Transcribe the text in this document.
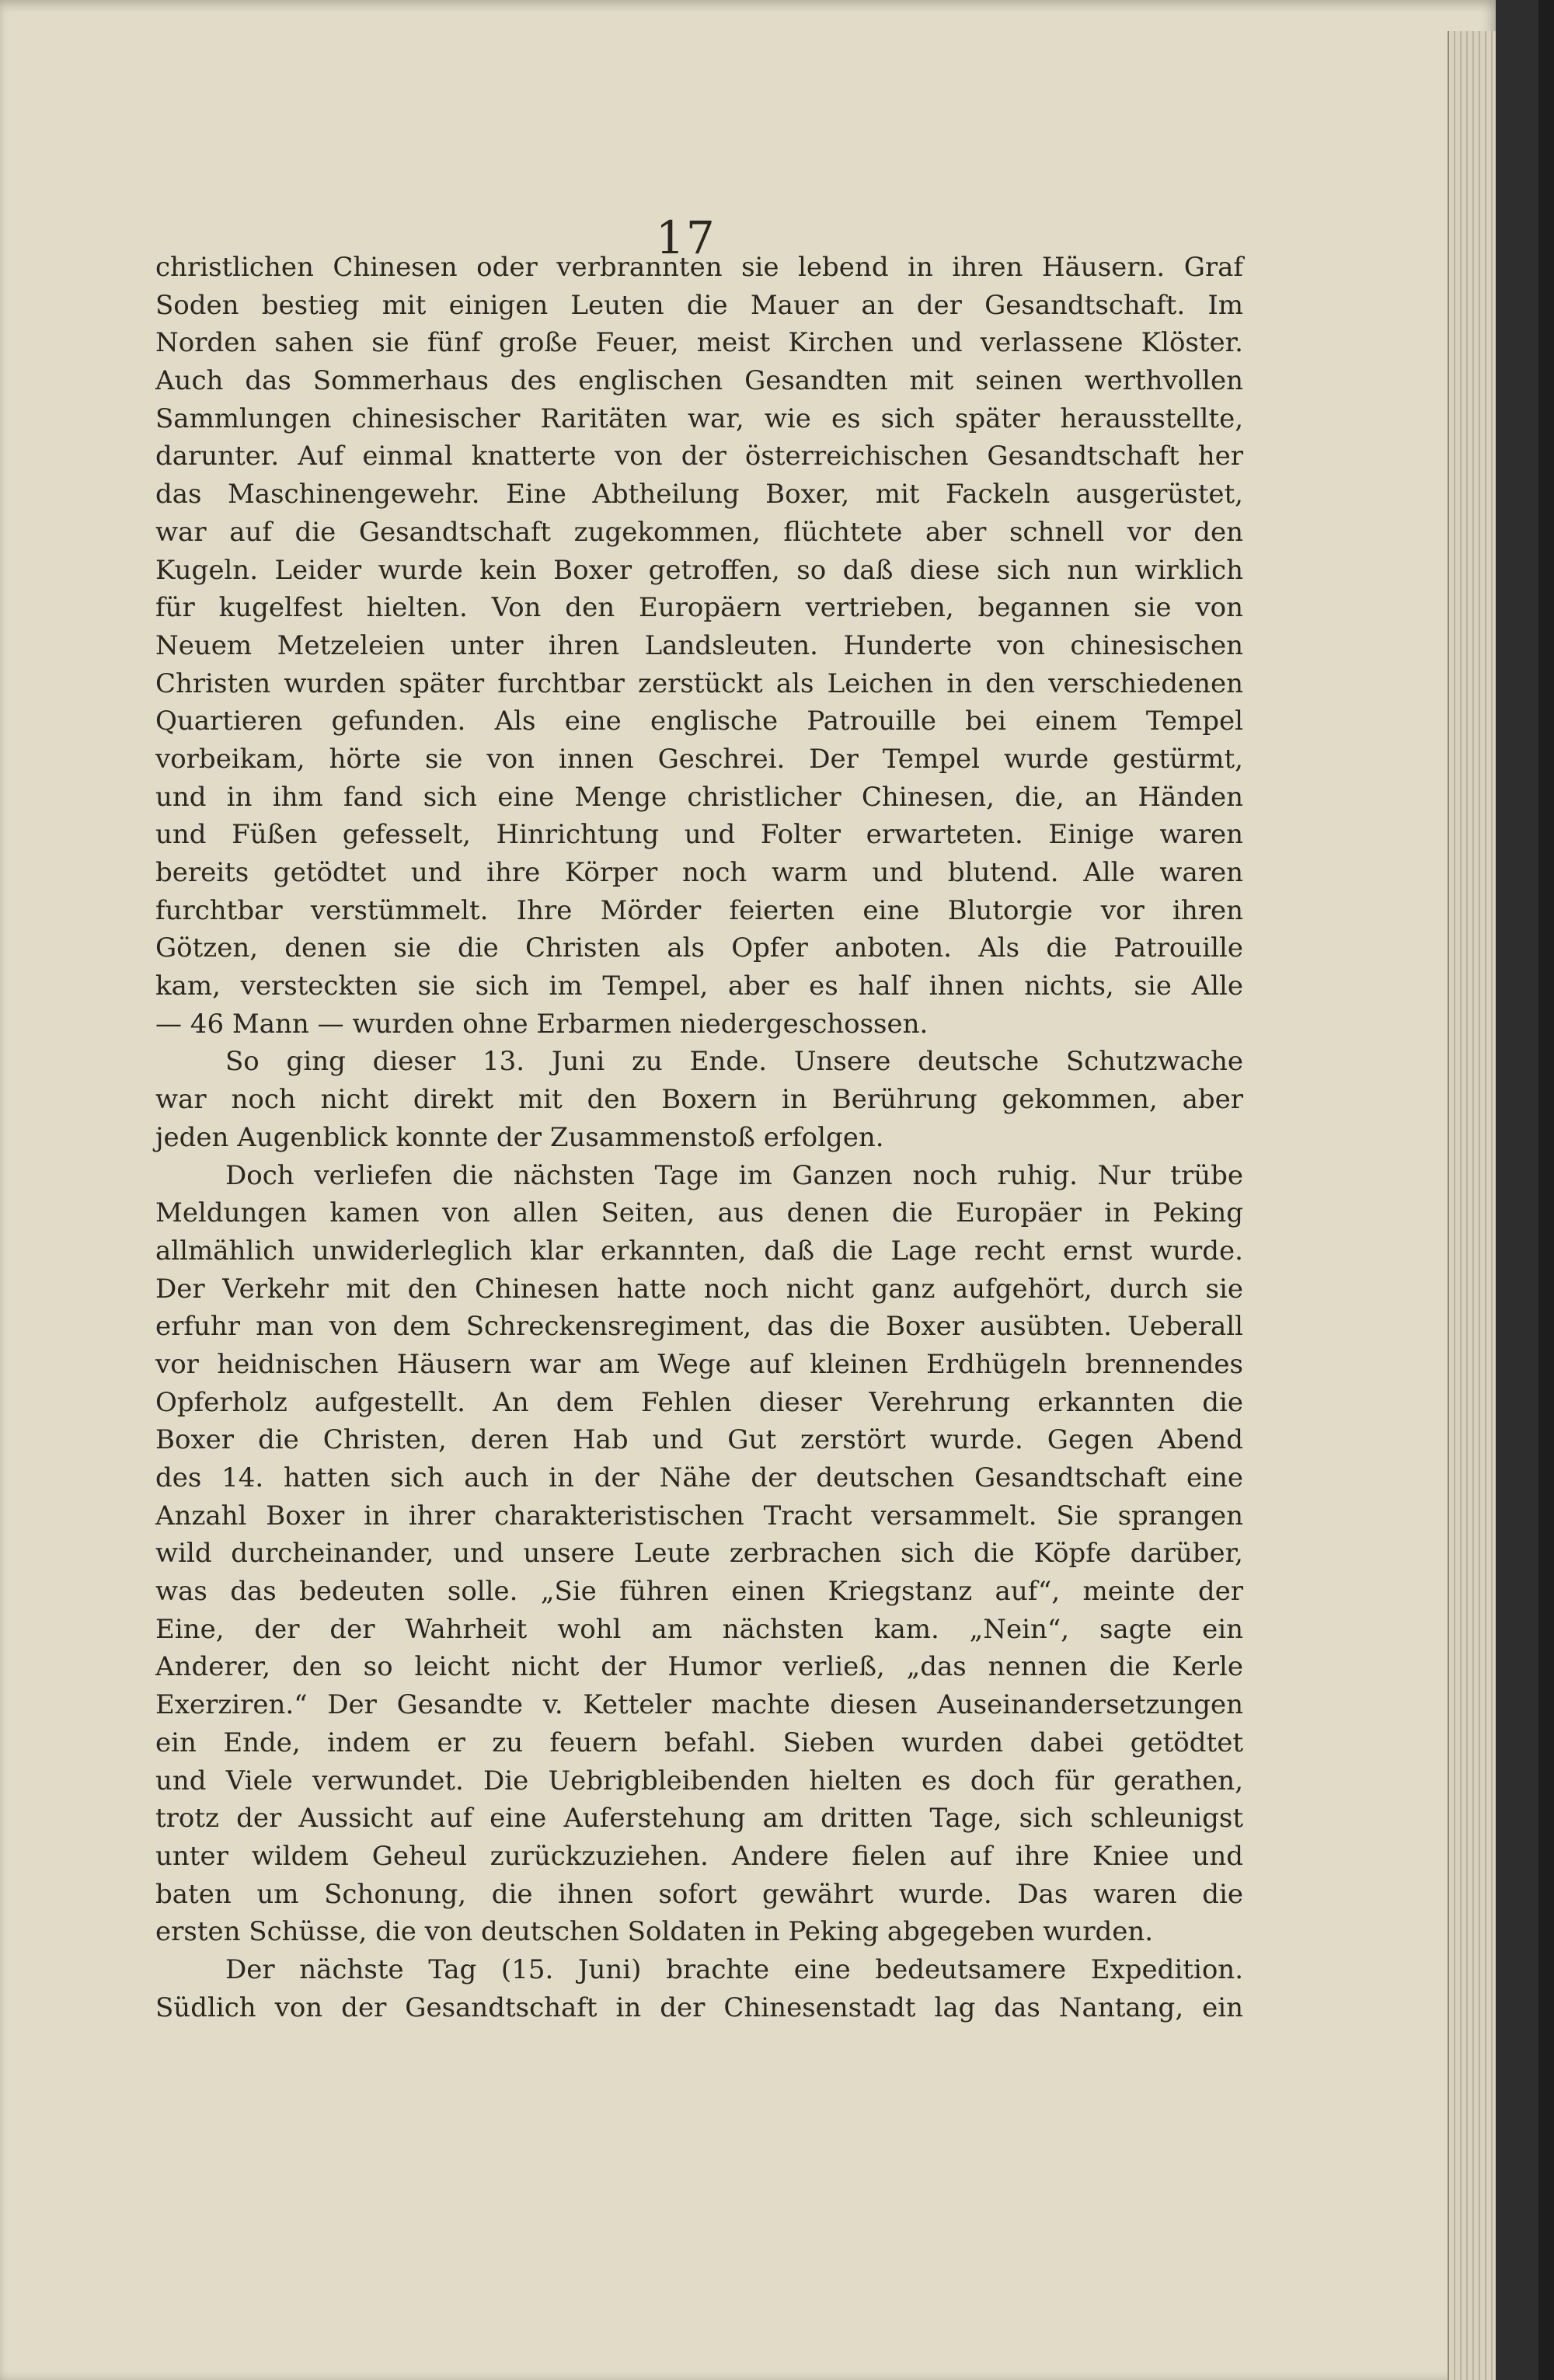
17
christlichen Chinesen oder verbrannten sie lebend in ihren Häusern. Graf
Soden bestieg mit einigen Leuten die Mauer an der Gesandtschaft. Im
Norden sahen sie fünf große Feuer, meist Kirchen und verlassene Klöster.
Auch das Sommerhaus des englischen Gesandten mit seinen werthvollen
Sammlungen chinesischer Raritäten war, wie es sich später herausstellte,
darunter. Auf einmal knatterte von der österreichischen Gesandtschaft her
das Maschinengewehr. Eine Abtheilung Boxer, mit Fackeln ausgerüstet,
war auf die Gesandtschaft zugekommen, flüchtete aber schnell vor den
Kugeln. Leider wurde kein Boxer getroffen, so daß diese sich nun wirklich
für kugelfest hielten. Von den Europäern vertrieben, begannen sie von
Neuem Metzeleien unter ihren Landsleuten. Hunderte von chinesischen
Christen wurden später furchtbar zerstückt als Leichen in den verschiedenen
Quartieren gefunden. Als eine englische Patrouille bei einem Tempel
vorbeikam, hörte sie von innen Geschrei. Der Tempel wurde gestürmt,
und in ihm fand sich eine Menge christlicher Chinesen, die, an Händen
und Füßen gefesselt, Hinrichtung und Folter erwarteten. Einige waren
bereits getödtet und ihre Körper noch warm und blutend. Alle waren
furchtbar verstümmelt. Ihre Mörder feierten eine Blutorgie vor ihren
Götzen, denen sie die Christen als Opfer anboten. Als die Patrouille
kam, versteckten sie sich im Tempel, aber es half ihnen nichts, sie Alle
— 46 Mann — wurden ohne Erbarmen niedergeschossen.
So ging dieser 13. Juni zu Ende. Unsere deutsche Schutzwache
war noch nicht direkt mit den Boxern in Berührung gekommen, aber
jeden Augenblick konnte der Zusammenstoß erfolgen.
Doch verliefen die nächsten Tage im Ganzen noch ruhig. Nur trübe
Meldungen kamen von allen Seiten, aus denen die Europäer in Peking
allmählich unwiderleglich klar erkannten, daß die Lage recht ernst wurde.
Der Verkehr mit den Chinesen hatte noch nicht ganz aufgehört, durch sie
erfuhr man von dem Schreckensregiment, das die Boxer ausübten. Ueberall
vor heidnischen Häusern war am Wege auf kleinen Erdhügeln brennendes
Opferholz aufgestellt. An dem Fehlen dieser Verehrung erkannten die
Boxer die Christen, deren Hab und Gut zerstört wurde. Gegen Abend
des 14. hatten sich auch in der Nähe der deutschen Gesandtschaft eine
Anzahl Boxer in ihrer charakteristischen Tracht versammelt. Sie sprangen
wild durcheinander, und unsere Leute zerbrachen sich die Köpfe darüber,
was das bedeuten solle. „Sie führen einen Kriegstanz auf“, meinte der
Eine, der der Wahrheit wohl am nächsten kam. „Nein“, sagte ein
Anderer, den so leicht nicht der Humor verließ, „das nennen die Kerle
Exerziren.“ Der Gesandte v. Ketteler machte diesen Auseinandersetzungen
ein Ende, indem er zu feuern befahl. Sieben wurden dabei getödtet
und Viele verwundet. Die Uebrigbleibenden hielten es doch für gerathen,
trotz der Aussicht auf eine Auferstehung am dritten Tage, sich schleunigst
unter wildem Geheul zurückzuziehen. Andere fielen auf ihre Kniee und
baten um Schonung, die ihnen sofort gewährt wurde. Das waren die
ersten Schüsse, die von deutschen Soldaten in Peking abgegeben wurden.
Der nächste Tag (15. Juni) brachte eine bedeutsamere Expedition.
Südlich von der Gesandtschaft in der Chinesenstadt lag das Nantang, ein
